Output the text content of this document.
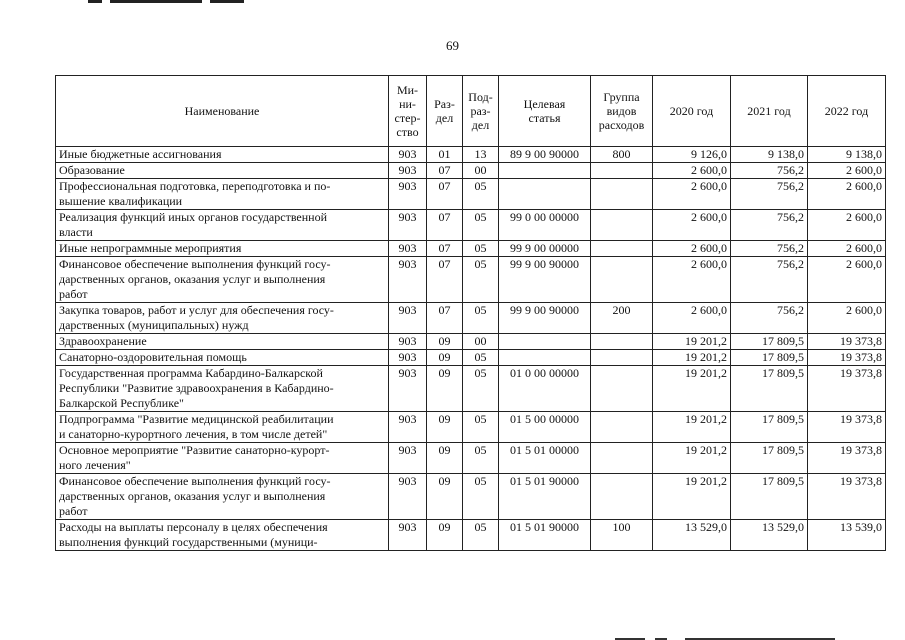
69
Наименование	Ми-
ни-
стер-
ство	Раз-
дел	Под-
раз-
дел	Целевая
статья	Группа
видов
расходов	2020 год	2021 год	2022 год
Иные бюджетные ассигнования	903	01	13	89 9 00 90000	800	9 126,0	9 138,0	9 138,0
Образование	903	07	00			2 600,0	756,2	2 600,0
Профессиональная подготовка, переподготовка и по-
вышение квалификации	903	07	05			2 600,0	756,2	2 600,0
Реализация функций иных органов государственной
власти	903	07	05	99 0 00 00000		2 600,0	756,2	2 600,0
Иные непрограммные мероприятия	903	07	05	99 9 00 00000		2 600,0	756,2	2 600,0
Финансовое обеспечение выполнения функций госу-
дарственных органов, оказания услуг и выполнения
работ	903	07	05	99 9 00 90000		2 600,0	756,2	2 600,0
Закупка товаров, работ и услуг для обеспечения госу-
дарственных (муниципальных) нужд	903	07	05	99 9 00 90000	200	2 600,0	756,2	2 600,0
Здравоохранение	903	09	00			19 201,2	17 809,5	19 373,8
Санаторно-оздоровительная помощь	903	09	05			19 201,2	17 809,5	19 373,8
Государственная программа Кабардино-Балкарской
Республики "Развитие здравоохранения в Кабардино-
Балкарской Республике"	903	09	05	01 0 00 00000		19 201,2	17 809,5	19 373,8
Подпрограмма "Развитие медицинской реабилитации
и санаторно-курортного лечения, в том числе детей"	903	09	05	01 5 00 00000		19 201,2	17 809,5	19 373,8
Основное мероприятие "Развитие санаторно-курорт-
ного лечения"	903	09	05	01 5 01 00000		19 201,2	17 809,5	19 373,8
Финансовое обеспечение выполнения функций госу-
дарственных органов, оказания услуг и выполнения
работ	903	09	05	01 5 01 90000		19 201,2	17 809,5	19 373,8
Расходы на выплаты персоналу в целях обеспечения
выполнения функций государственными (муници-	903	09	05	01 5 01 90000	100	13 529,0	13 529,0	13 539,0
